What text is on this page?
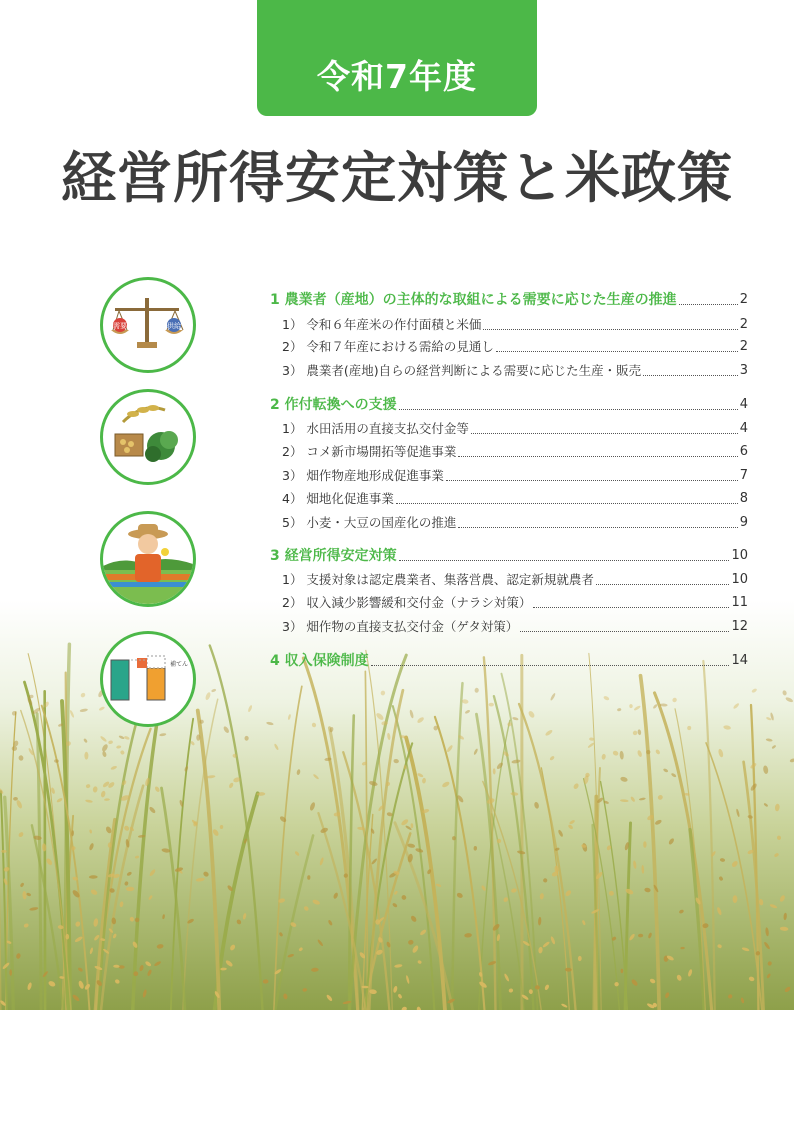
令和7年度
経営所得安定対策と米政策
需要	供給
補てん
1 農業者（産地）の主体的な取組による需要に応じた生産の推進	2
1） 令和６年産米の作付面積と米価	2
2） 令和７年産における需給の見通し	2
3） 農業者(産地)自らの経営判断による需要に応じた生産・販売	3
2 作付転換への支援	4
1） 水田活用の直接支払交付金等	4
2） コメ新市場開拓等促進事業	6
3） 畑作物産地形成促進事業	7
4） 畑地化促進事業	8
5） 小麦・大豆の国産化の推進	9
3 経営所得安定対策	10
1） 支援対象は認定農業者、集落営農、認定新規就農者	10
2） 収入減少影響緩和交付金（ナラシ対策）	11
3） 畑作物の直接支払交付金（ゲタ対策）	12
4 収入保険制度	14
